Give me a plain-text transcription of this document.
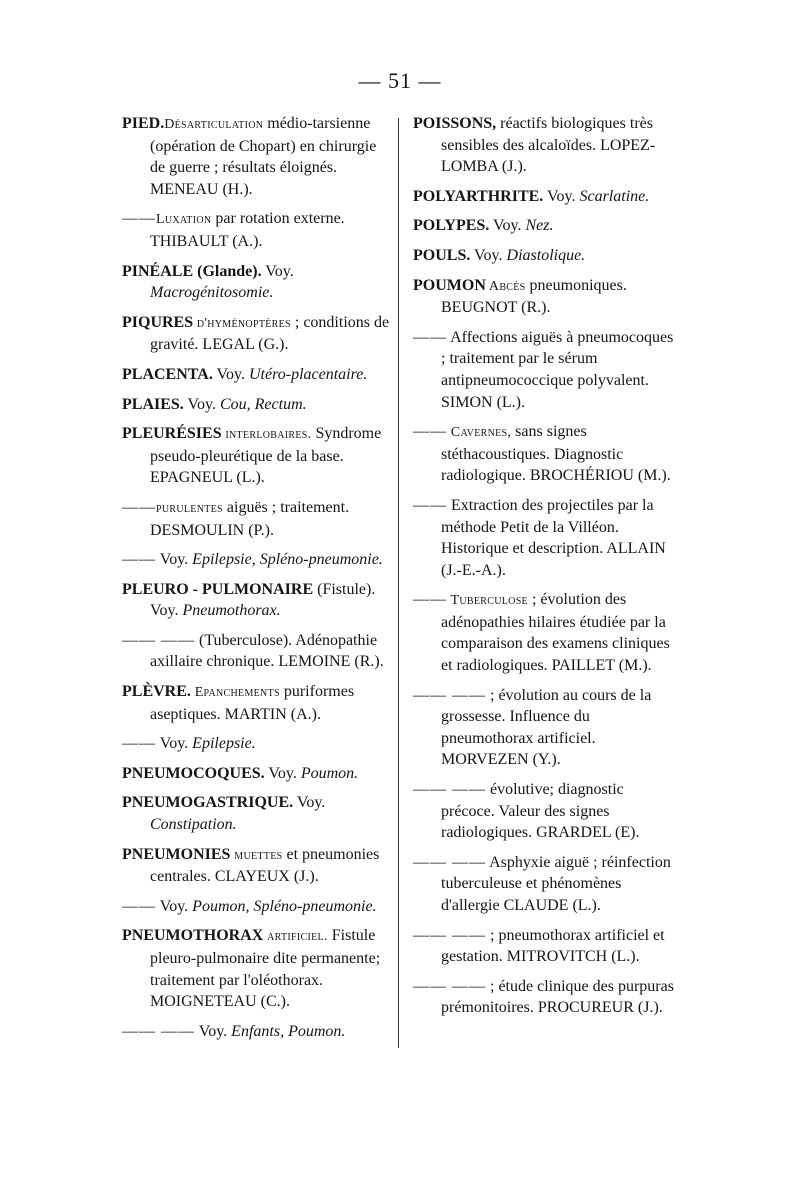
— 51 —

PIED.Désarticulation médio-tarsienne (opération de Chopart) en chirurgie de guerre ; résultats éloignés. MENEAU (H.).

——Luxation par rotation externe. THIBAULT (A.).

PINÉALE (Glande). Voy. Macrogénitosomie.

PIQURES d'hyménoptères ; conditions de gravité. LEGAL (G.).

PLACENTA. Voy. Utéro-placentaire.

PLAIES. Voy. Cou, Rectum.

PLEURÉSIES interlobaires. Syndrome pseudo-pleurétique de la base. EPAGNEUL (L.).

——purulentes aiguës ; traitement. DESMOULIN (P.).

—— Voy. Epilepsie, Spléno-pneumonie.

PLEURO - PULMONAIRE (Fistule). Voy. Pneumothorax.

—— —— (Tuberculose). Adénopathie axillaire chronique. LEMOINE (R.).

PLÈVRE. Epanchements puriformes aseptiques. MARTIN (A.).

—— Voy. Epilepsie.

PNEUMOCOQUES. Voy. Poumon.

PNEUMOGASTRIQUE. Voy. Constipation.

PNEUMONIES muettes et pneumonies centrales. CLAYEUX (J.).

—— Voy. Poumon, Spléno-pneumonie.

PNEUMOTHORAX artificiel. Fistule pleuro-pulmonaire dite permanente; traitement par l'oléothorax. MOIGNETEAU (C.).

—— —— Voy. Enfants, Poumon.

POISSONS, réactifs biologiques très sensibles des alcaloïdes. LOPEZ-LOMBA (J.).

POLYARTHRITE. Voy. Scarlatine.

POLYPES. Voy. Nez.

POULS. Voy. Diastolique.

POUMON Abcès pneumoniques. BEUGNOT (R.).

—— Affections aiguës à pneumocoques ; traitement par le sérum antipneumococcique polyvalent. SIMON (L.).

—— Cavernes, sans signes stéthacoustiques. Diagnostic radiologique. BROCHÉRIOU (M.).

—— Extraction des projectiles par la méthode Petit de la Villéon. Historique et description. ALLAIN (J.-E.-A.).

—— Tuberculose ; évolution des adénopathies hilaires étudiée par la comparaison des examens cliniques et radiologiques. PAILLET (M.).

—— —— ; évolution au cours de la grossesse. Influence du pneumothorax artificiel. MORVEZEN (Y.).

—— —— évolutive; diagnostic précoce. Valeur des signes radiologiques. GRARDEL (E).

—— —— Asphyxie aiguë ; réinfection tuberculeuse et phénomènes d'allergie CLAUDE (L.).

—— —— ; pneumothorax artificiel et gestation. MITROVITCH (L.).

—— —— ; étude clinique des purpuras prémonitoires. PROCUREUR (J.).
